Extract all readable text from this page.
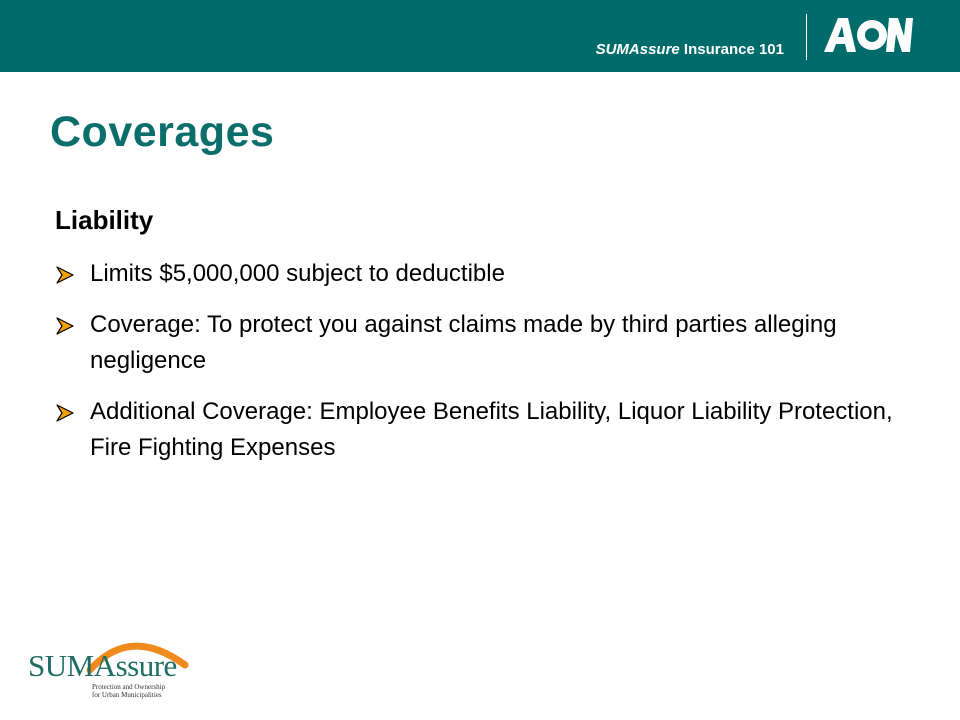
SUMAssure Insurance 101
Coverages
Liability
Limits $5,000,000 subject to deductible
Coverage: To protect you against claims made by third parties alleging negligence
Additional Coverage: Employee Benefits Liability, Liquor Liability Protection, Fire Fighting Expenses
SUMAssure
Protection and Ownership
for Urban Municipalities
